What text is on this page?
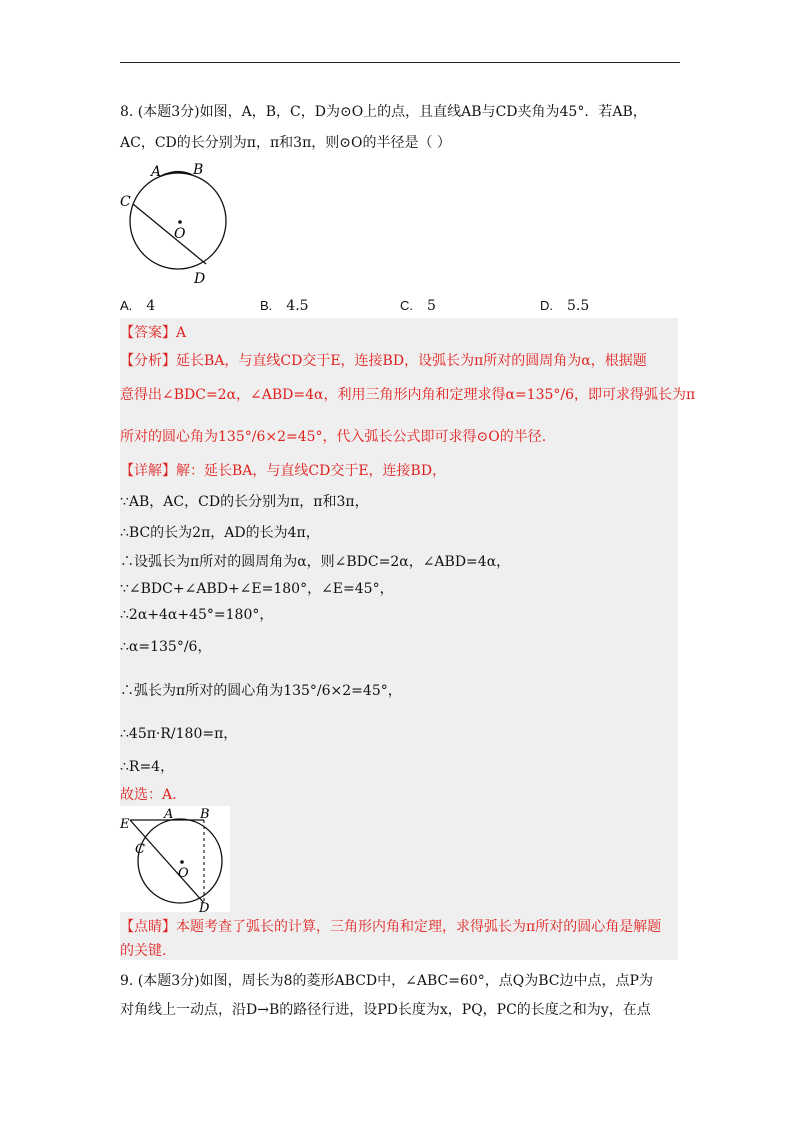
8. (本题3分)如图，A，B，C，D为⊙O上的点，且直线AB与CD夹角为45°．若AB，
AC，CD的长分别为π，π和3π，则⊙O的半径是（ ）
A B
C
O
D
A. 4	B. 4.5	C. 5	D. 5.5
【答案】A
【分析】延长BA，与直线CD交于E，连接BD，设弧长为π所对的圆周角为α，根据题
意得出∠BDC=2α，∠ABD=4α，利用三角形内角和定理求得α=135°/6，即可求得弧长为π
所对的圆心角为135°/6×2=45°，代入弧长公式即可求得⊙O的半径.
【详解】解：延长BA，与直线CD交于E，连接BD，
∵AB，AC，CD的长分别为π，π和3π，
∴BC的长为2π，AD的长为4π，
∴设弧长为π所对的圆周角为α，则∠BDC=2α，∠ABD=4α，
∵∠BDC+∠ABD+∠E=180°，∠E=45°，
∴2α+4α+45°=180°，
∴α=135°/6，
∴弧长为π所对的圆心角为135°/6×2=45°，
∴45π·R/180=π，
∴R=4，
故选：A.
E
A B
C
O
D
【点睛】本题考查了弧长的计算，三角形内角和定理，求得弧长为π所对的圆心角是解题
的关键.
9. (本题3分)如图，周长为8的菱形ABCD中，∠ABC=60°，点Q为BC边中点，点P为
对角线上一动点，沿D→B的路径行进，设PD长度为x，PQ，PC的长度之和为y，在点
